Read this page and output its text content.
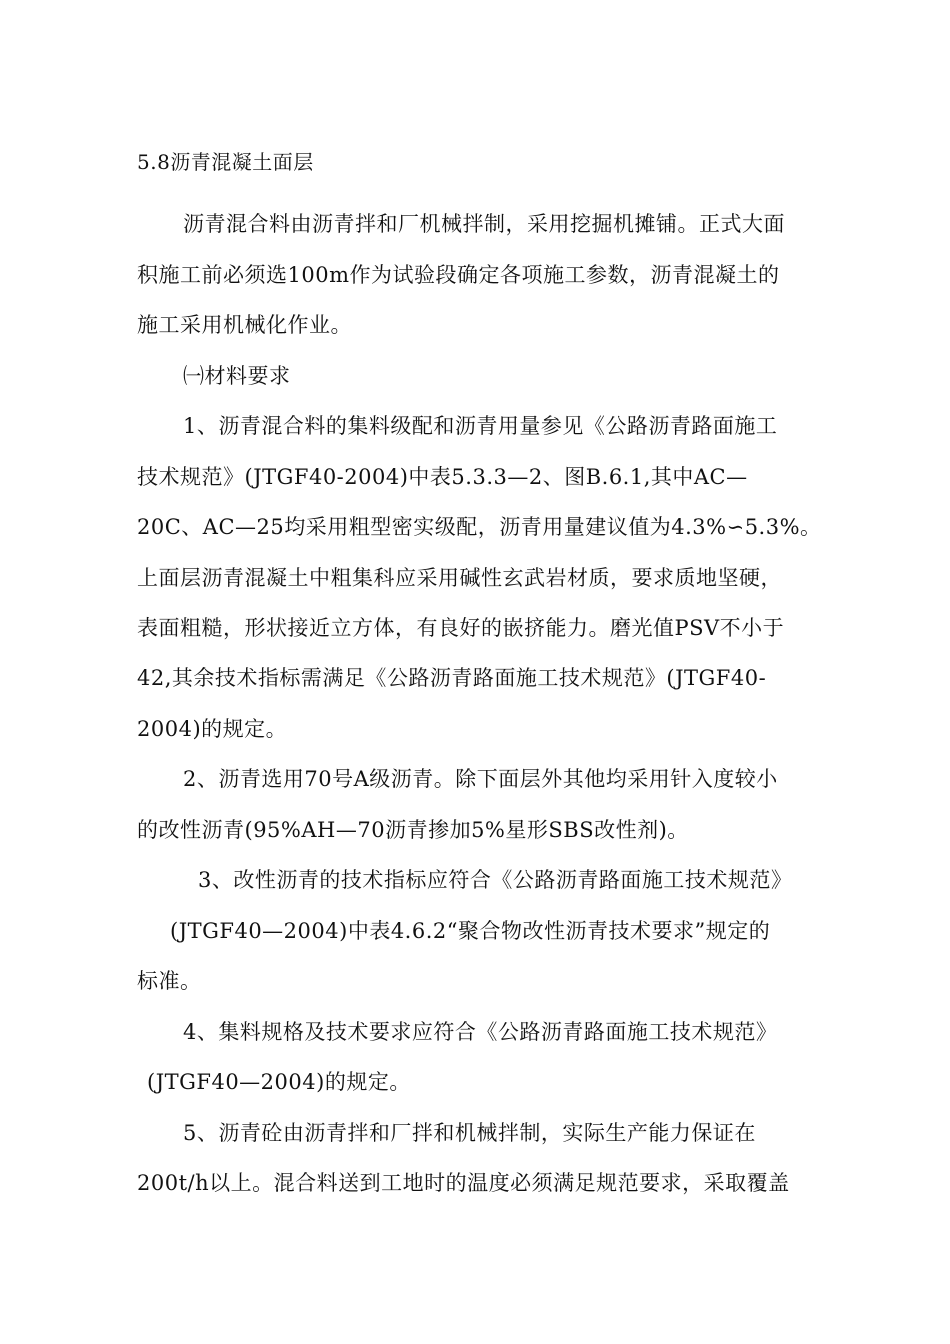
5.8沥青混凝土面层
沥青混合料由沥青拌和厂机械拌制，采用挖掘机摊铺。正式大面
积施工前必须选100m作为试验段确定各项施工参数，沥青混凝土的
施工采用机械化作业。
㈠材料要求
1、沥青混合料的集料级配和沥青用量参见《公路沥青路面施工
技术规范》(JTGF40-2004)中表5.3.3—2、图B.6.1,其中AC—
20C、AC—25均采用粗型密实级配，沥青用量建议值为4.3%∽5.3%。
上面层沥青混凝土中粗集科应采用碱性玄武岩材质，要求质地坚硬，
表面粗糙，形状接近立方体，有良好的嵌挤能力。磨光值PSV不小于
42,其余技术指标需满足《公路沥青路面施工技术规范》(JTGF40-
2004)的规定。
2、沥青选用70号A级沥青。除下面层外其他均采用针入度较小
的改性沥青(95%AH—70沥青掺加5%星形SBS改性剂)。
3、改性沥青的技术指标应符合《公路沥青路面施工技术规范》
(JTGF40—2004)中表4.6.2“聚合物改性沥青技术要求”规定的
标准。
4、集料规格及技术要求应符合《公路沥青路面施工技术规范》
(JTGF40—2004)的规定。
5、沥青砼由沥青拌和厂拌和机械拌制，实际生产能力保证在
200t/h以上。混合料送到工地时的温度必须满足规范要求，采取覆盖
